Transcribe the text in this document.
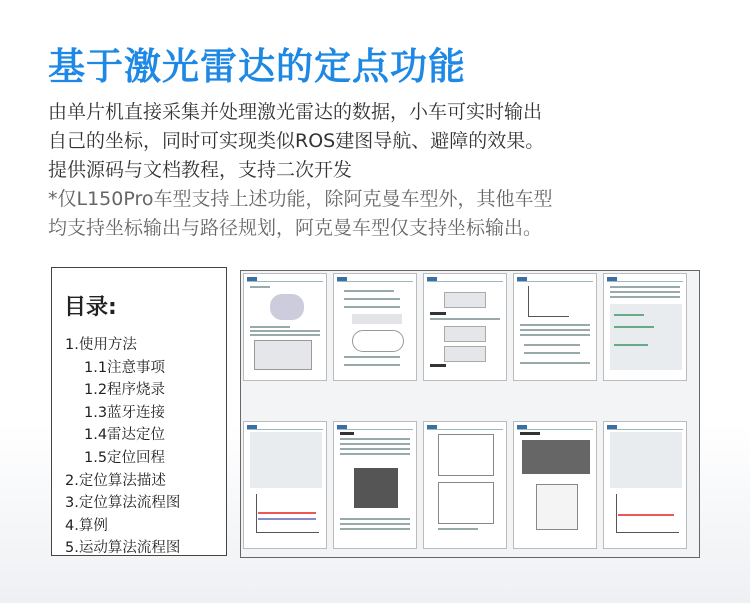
基于激光雷达的定点功能

由单片机直接采集并处理激光雷达的数据，小车可实时输出

自己的坐标，同时可实现类似ROS建图导航、避障的效果。

提供源码与文档教程，支持二次开发

*仅L150Pro车型支持上述功能，除阿克曼车型外，其他车型

均支持坐标输出与路径规划，阿克曼车型仅支持坐标输出。

目录:
1.使用方法
1.1注意事项
1.2程序烧录
1.3蓝牙连接
1.4雷达定位
1.5定位回程
2.定位算法描述
3.定位算法流程图
4.算例
5.运动算法流程图
